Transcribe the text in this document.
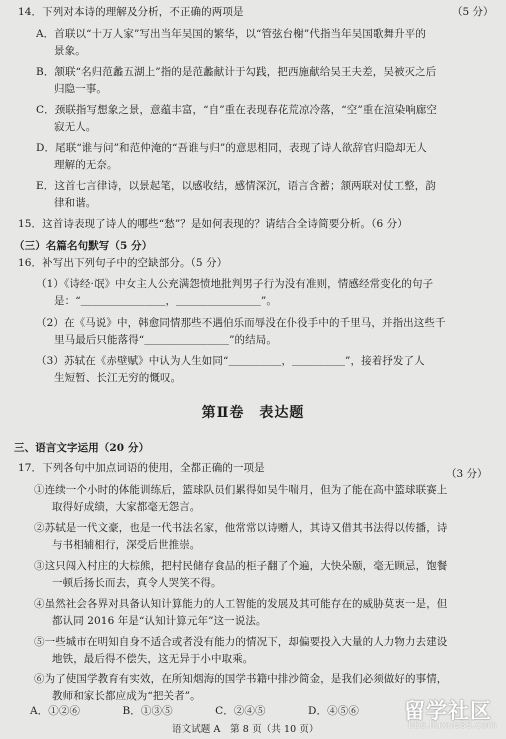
14．下列对本诗的理解及分析，不正确的两项是	（5 分）
A．首联以“十万人家”写出当年吴国的繁华，以“管弦台榭”代指当年吴国歌舞升平的
景象。
B．颔联“名归范蠡五湖上”指的是范蠡献计于勾践，把西施献给吴王夫差，吴被灭之后
归隐一事。
C．颈联指写想象之景，意蕴丰富，“自”重在表现春花荒凉冷落，“空”重在渲染响廊空
寂无人。
D．尾联“谁与问”和范仲淹的“吾谁与归”的意思相同，表现了诗人欲辞官归隐却无人
理解的无奈。
E．这首七言律诗，以景起笔，以感收结，感情深沉，语言含蓄；颔两联对仗工整，韵
律和谐。
15．这首诗表现了诗人的哪些“愁”？是如何表现的？请结合全诗简要分析。（6 分）
（三）名篇名句默写（5 分）
16．补写出下列句子中的空缺部分。（5 分）
（1）《诗经·氓》中女主人公充满怨愤地批判男子行为没有准则，情感经常变化的句子
是：“＿＿＿＿＿＿＿＿，＿＿＿＿＿＿＿＿”。
（2）在《马说》中，韩愈同情那些不遇伯乐而辱没在仆役手中的千里马，并指出这些千
里马最后只能落得“＿＿＿＿＿＿＿＿”的结局。
（3）苏轼在《赤壁赋》中认为人生如同“＿＿＿＿＿，＿＿＿＿＿”，接着抒发了人
生短暂、长江无穷的慨叹。
第Ⅱ卷　表达题
三、语言文字运用（20 分）
17．下列各句中加点词语的使用，全都正确的一项是	（3 分）
①连续一个小时的体能训练后，篮球队员们累得如吴牛喘月，但为了能在高中篮球联赛上
取得好成绩，大家都毫无怨言。
②苏轼是一代文豪，也是一代书法名家，他常常以诗赠人，其诗又借其书法得以传播，诗
与书相辅相行，深受后世推崇。
③这只闯入村庄的大棕熊，把村民储存食品的柜子翻了个遍，大快朵颐，毫无顾忌，饱餐
一顿后扬长而去，真令人哭笑不得。
④虽然社会各界对具备认知计算能力的人工智能的发展及其可能存在的威胁莫衷一是，但
都认同 2016 年是“认知计算元年”这一说法。
⑤一些城市在明知自身不适合或者没有能力的情况下，却偏要投入大量的人力物力去建设
地铁，最后得不偿失，这无异于小中取乘。
⑥为了使国学教育有实效，在所知烟海的国学书籍中排沙简金，是我们必须做好的事情，
教师和家长都应成为“把关者”。
A．①②⑥　　　　B．①③⑤　　　　C．②④⑤　　　　D．④⑤⑥
语文试题 A　第 8 页（共 10 页）
留学社区
bbs.liuxue86.com
